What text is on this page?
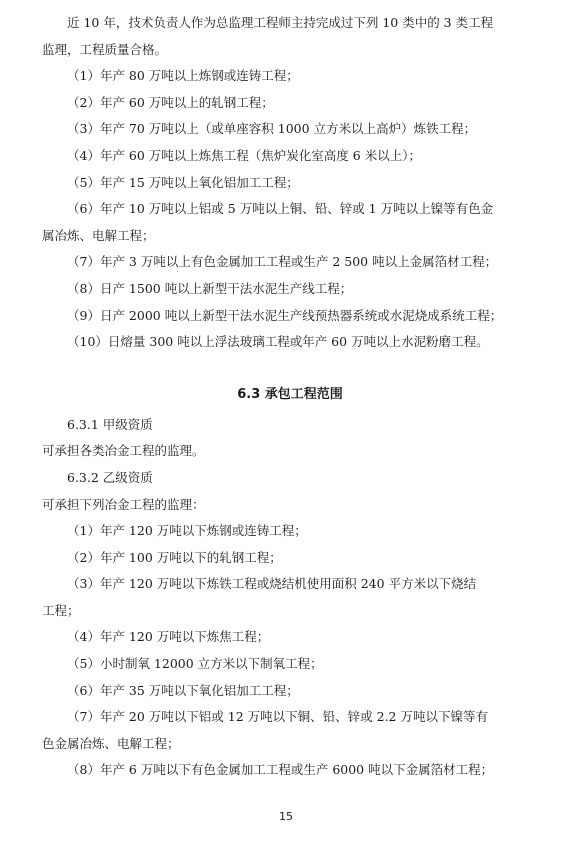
近 10 年，技术负责人作为总监理工程师主持完成过下列 10 类中的 3 类工程
监理，工程质量合格。
（1）年产 80 万吨以上炼钢或连铸工程；
（2）年产 60 万吨以上的轧钢工程；
（3）年产 70 万吨以上（或单座容积 1000 立方米以上高炉）炼铁工程；
（4）年产 60 万吨以上炼焦工程（焦炉炭化室高度 6 米以上）；
（5）年产 15 万吨以上氧化铝加工工程；
（6）年产 10 万吨以上铝或 5 万吨以上铜、铅、锌或 1 万吨以上镍等有色金
属冶炼、电解工程；
（7）年产 3 万吨以上有色金属加工工程或生产 2 500 吨以上金属箔材工程；
（8）日产 1500 吨以上新型干法水泥生产线工程；
（9）日产 2000 吨以上新型干法水泥生产线预热器系统或水泥烧成系统工程；
（10）日熔量 300 吨以上浮法玻璃工程或年产 60 万吨以上水泥粉磨工程。
6.3 承包工程范围
6.3.1 甲级资质
可承担各类冶金工程的监理。
6.3.2 乙级资质
可承担下列冶金工程的监理：
（1）年产 120 万吨以下炼钢或连铸工程；
（2）年产 100 万吨以下的轧钢工程；
（3）年产 120 万吨以下炼铁工程或烧结机使用面积 240 平方米以下烧结
工程；
（4）年产 120 万吨以下炼焦工程；
（5）小时制氧 12000 立方米以下制氧工程；
（6）年产 35 万吨以下氧化铝加工工程；
（7）年产 20 万吨以下铝或 12 万吨以下铜、铅、锌或 2.2 万吨以下镍等有
色金属冶炼、电解工程；
（8）年产 6 万吨以下有色金属加工工程或生产 6000 吨以下金属箔材工程；
15
